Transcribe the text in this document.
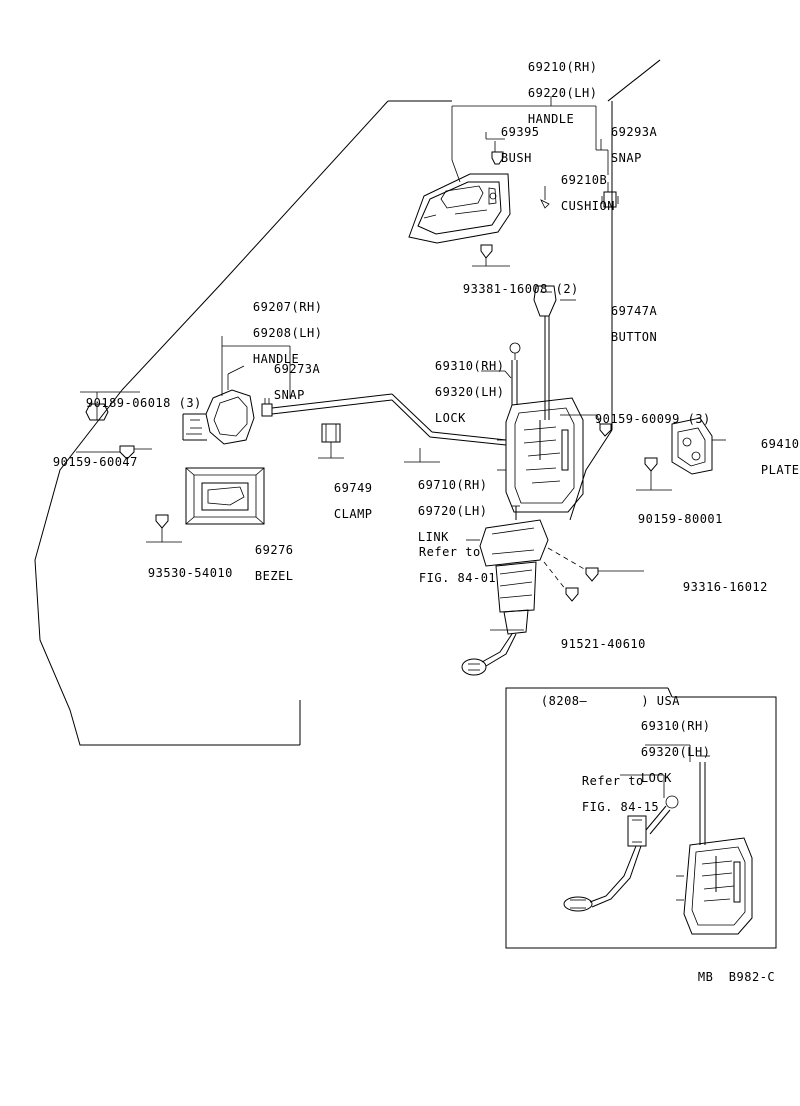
69210(RH)

69220(LH)

HANDLE

69395

BUSH

69293A

SNAP

69210B

CUSHION

93381-16008 (2)

69747A

BUTTON

69207(RH)

69208(LH)

HANDLE

69273A

SNAP

69310(RH)

69320(LH)

LOCK

90189-06018 (3)

90159-60047

90159-60099 (3)

69410

PLATE

90159-80001

69749

CLAMP

69710(RH)

69720(LH)

LINK

69276

BEZEL

93530-54010

93316-16012

91521-40610

Refer to

FIG. 84-01

(8208—       ) USA

69310(RH)

69320(LH)

LOCK

Refer to

FIG. 84-15

MB  B982-C
